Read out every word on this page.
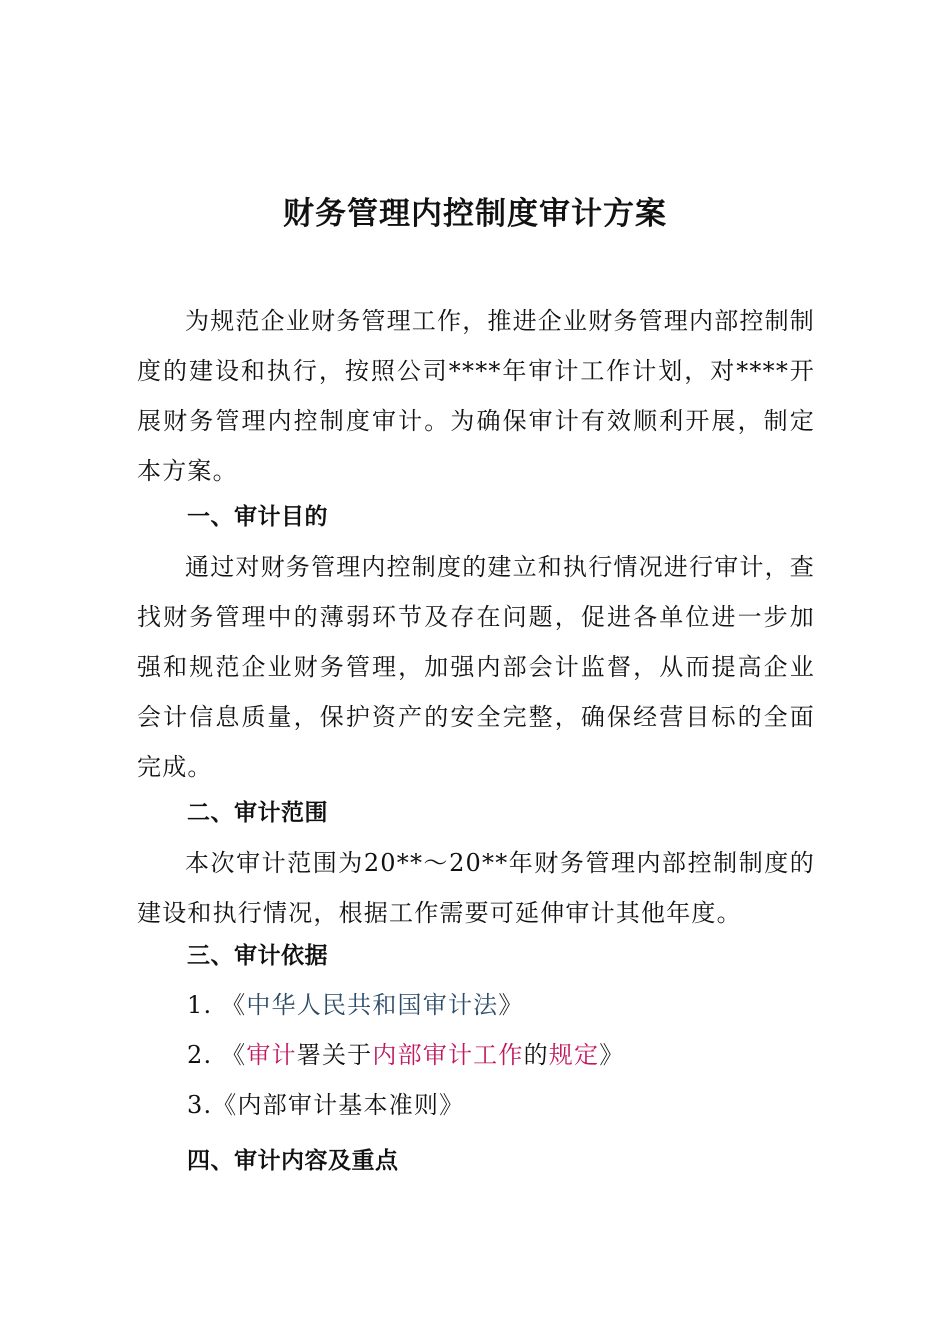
财务管理内控制度审计方案
为规范企业财务管理工作，推进企业财务管理内部控制制度的建设和执行，按照公司****年审计工作计划，对****开展财务管理内控制度审计。为确保审计有效顺利开展，制定本方案。
一、审计目的
通过对财务管理内控制度的建立和执行情况进行审计，查找财务管理中的薄弱环节及存在问题，促进各单位进一步加强和规范企业财务管理，加强内部会计监督，从而提高企业会计信息质量，保护资产的安全完整，确保经营目标的全面完成。
二、审计范围
本次审计范围为20**～20**年财务管理内部控制制度的建设和执行情况，根据工作需要可延伸审计其他年度。
三、审计依据
1. 《中华人民共和国审计法》
2. 《审计署关于内部审计工作的规定》
3.《内部审计基本准则》
四、审计内容及重点
